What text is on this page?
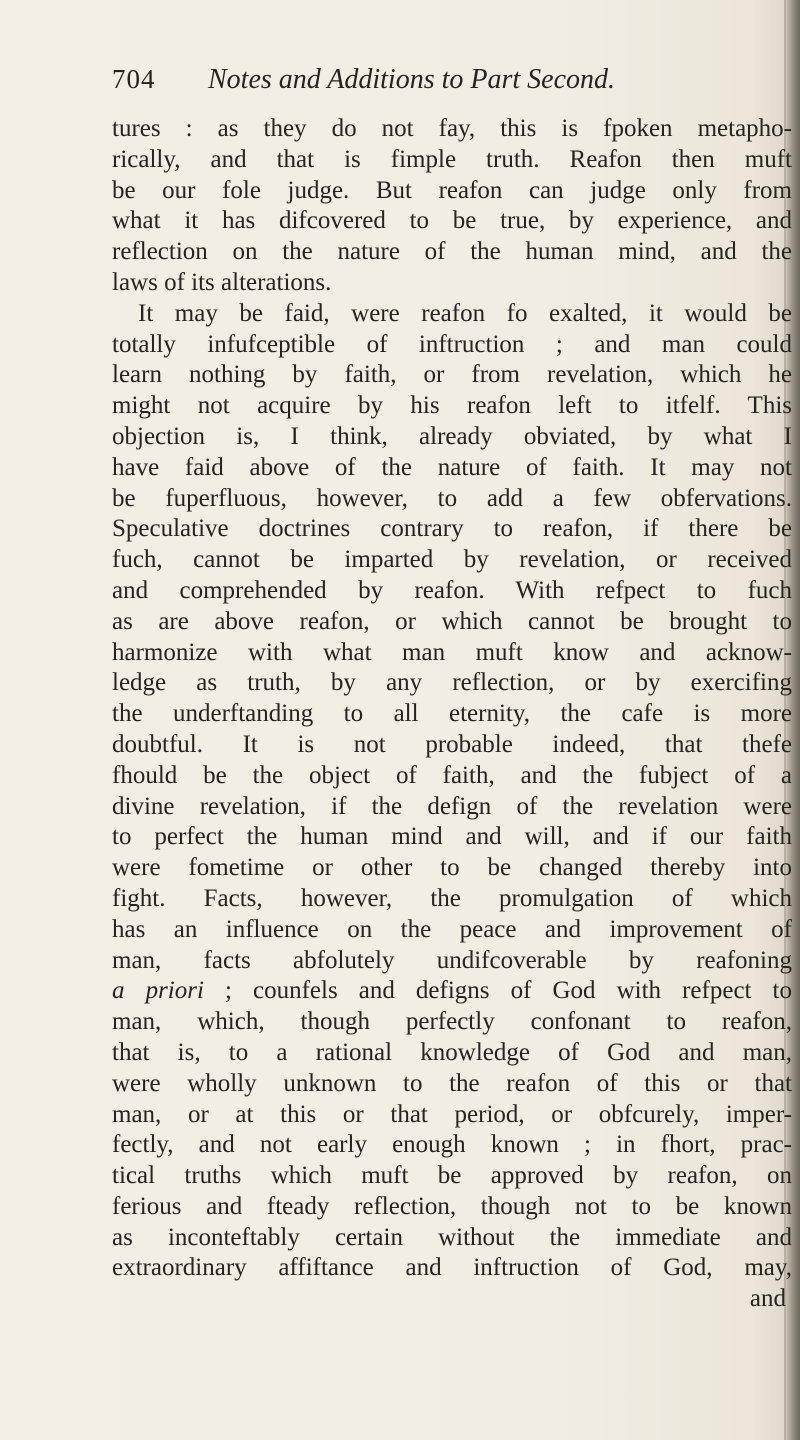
704 Notes and Additions to Part Second.
tures : as they do not fay, this is fpoken metapho-
rically, and that is fimple truth. Reafon then muft
be our fole judge. But reafon can judge only from
what it has difcovered to be true, by experience, and
reflection on the nature of the human mind, and the
laws of its alterations.
It may be faid, were reafon fo exalted, it would be
totally infufceptible of inftruction ; and man could
learn nothing by faith, or from revelation, which he
might not acquire by his reafon left to itfelf. This
objection is, I think, already obviated, by what I
have faid above of the nature of faith. It may not
be fuperfluous, however, to add a few obfervations.
Speculative doctrines contrary to reafon, if there be
fuch, cannot be imparted by revelation, or received
and comprehended by reafon. With refpect to fuch
as are above reafon, or which cannot be brought to
harmonize with what man muft know and acknow-
ledge as truth, by any reflection, or by exercifing
the underftanding to all eternity, the cafe is more
doubtful. It is not probable indeed, that thefe
fhould be the object of faith, and the fubject of a
divine revelation, if the defign of the revelation were
to perfect the human mind and will, and if our faith
were fometime or other to be changed thereby into
fight. Facts, however, the promulgation of which
has an influence on the peace and improvement of
man, facts abfolutely undifcoverable by reafoning
a priori ; counfels and defigns of God with refpect to
man, which, though perfectly confonant to reafon,
that is, to a rational knowledge of God and man,
were wholly unknown to the reafon of this or that
man, or at this or that period, or obfcurely, imper-
fectly, and not early enough known ; in fhort, prac-
tical truths which muft be approved by reafon, on
ferious and fteady reflection, though not to be known
as inconteftably certain without the immediate and
extraordinary affiftance and inftruction of God, may,
and
